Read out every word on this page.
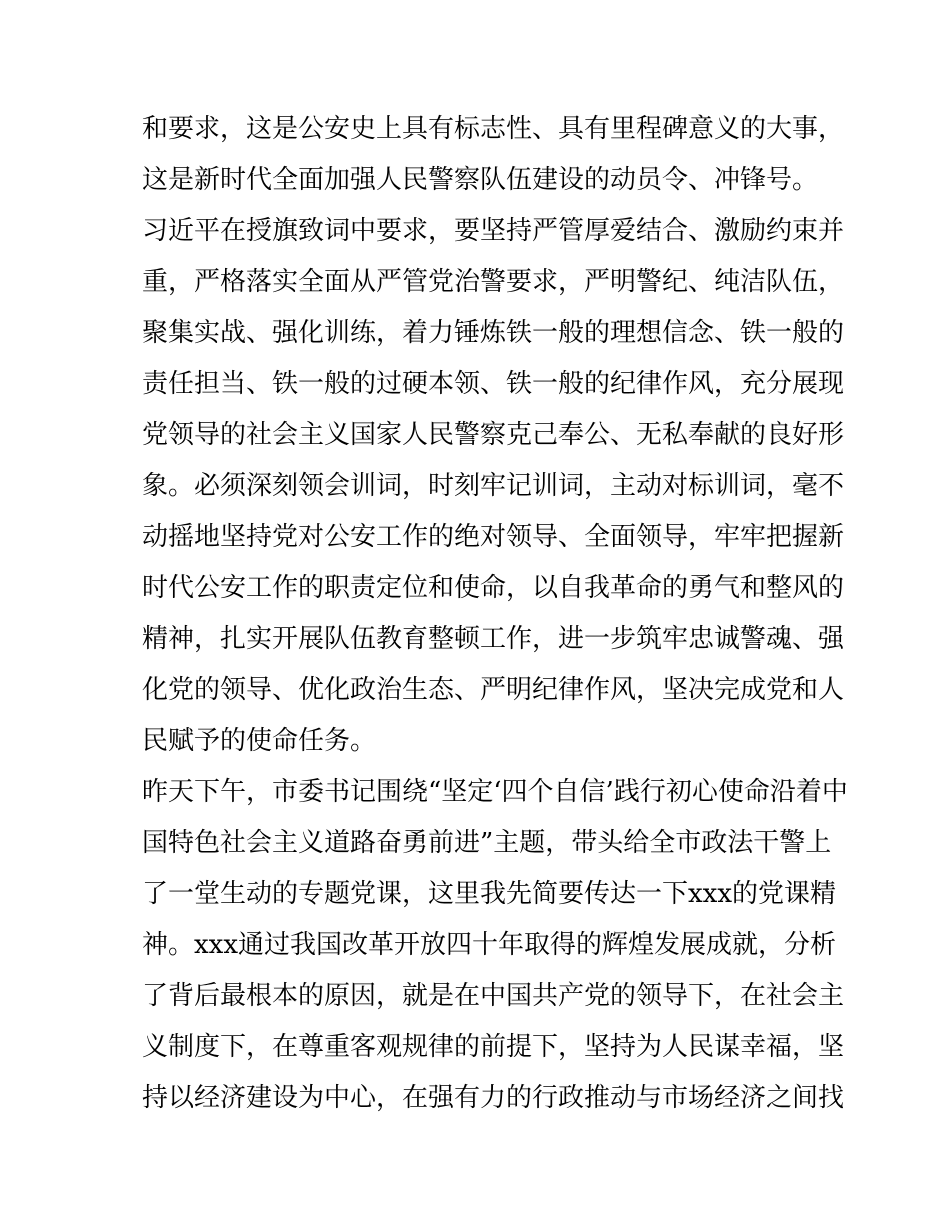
和要求，这是公安史上具有标志性、具有里程碑意义的大事，
这是新时代全面加强人民警察队伍建设的动员令、冲锋号。
习近平在授旗致词中要求，要坚持严管厚爱结合、激励约束并
重，严格落实全面从严管党治警要求，严明警纪、纯洁队伍，
聚集实战、强化训练，着力锤炼铁一般的理想信念、铁一般的
责任担当、铁一般的过硬本领、铁一般的纪律作风，充分展现
党领导的社会主义国家人民警察克己奉公、无私奉献的良好形
象。必须深刻领会训词，时刻牢记训词，主动对标训词，毫不
动摇地坚持党对公安工作的绝对领导、全面领导，牢牢把握新
时代公安工作的职责定位和使命，以自我革命的勇气和整风的
精神，扎实开展队伍教育整顿工作，进一步筑牢忠诚警魂、强
化党的领导、优化政治生态、严明纪律作风，坚决完成党和人
民赋予的使命任务。
昨天下午，市委书记围绕“坚定‘四个自信’践行初心使命沿着中
国特色社会主义道路奋勇前进”主题，带头给全市政法干警上
了一堂生动的专题党课，这里我先简要传达一下xxx的党课精
神。xxx通过我国改革开放四十年取得的辉煌发展成就，分析
了背后最根本的原因，就是在中国共产党的领导下，在社会主
义制度下，在尊重客观规律的前提下，坚持为人民谋幸福，坚
持以经济建设为中心，在强有力的行政推动与市场经济之间找
